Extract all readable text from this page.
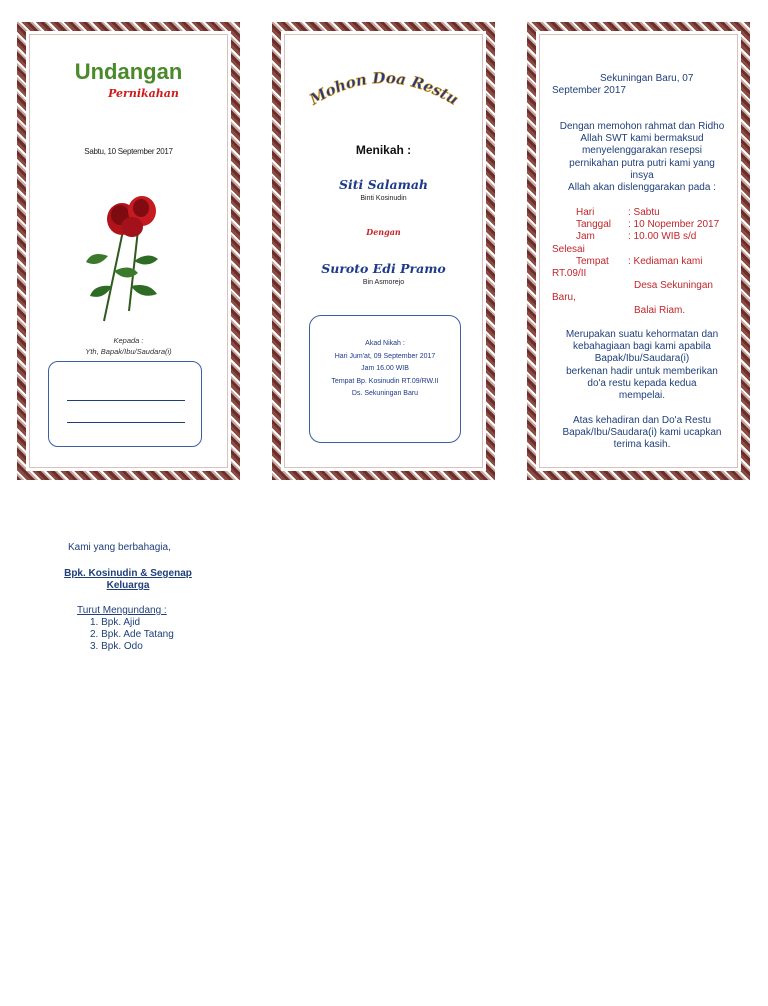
Undangan
Pernikahan
Sabtu, 10 September 2017
Kepada :
Yth, Bapak/Ibu/Saudara(i)
Mohon Doa Restu
Menikah :
Siti Salamah
Binti Kosinudin
Dengan
Suroto Edi Pramo
Bin Asmorejo
Akad Nikah :
Hari Jum'at, 09 September 2017
Jam 16.00 WIB
Tempat Bp. Kosinudin RT.09/RW.II
Ds. Sekuningan Baru
Sekuningan Baru, 07
September 2017
Dengan memohon rahmat dan Ridho
Allah SWT kami bermaksud
menyelenggarakan resepsi
pernikahan putra putri kami yang
insya
Allah akan dislenggarakan pada :
Hari	: Sabtu
Tanggal : 10 Nopember 2017
Jam	: 10.00 WIB s/d
Selesai
Tempat : Kediaman kami
RT.09/II
Desa Sekuningan
Baru,
Balai Riam.
Merupakan suatu kehormatan dan
kebahagiaan bagi kami apabila
Bapak/Ibu/Saudara(i)
berkenan hadir untuk memberikan
do'a restu kepada kedua
mempelai.
Atas kehadiran dan Do'a Restu
Bapak/Ibu/Saudara(i) kami ucapkan
terima kasih.
Kami yang berbahagia,
Bpk. Kosinudin & Segenap
Keluarga
Turut Mengundang :
1. Bpk. Ajid
2. Bpk. Ade Tatang
3. Bpk. Odo
